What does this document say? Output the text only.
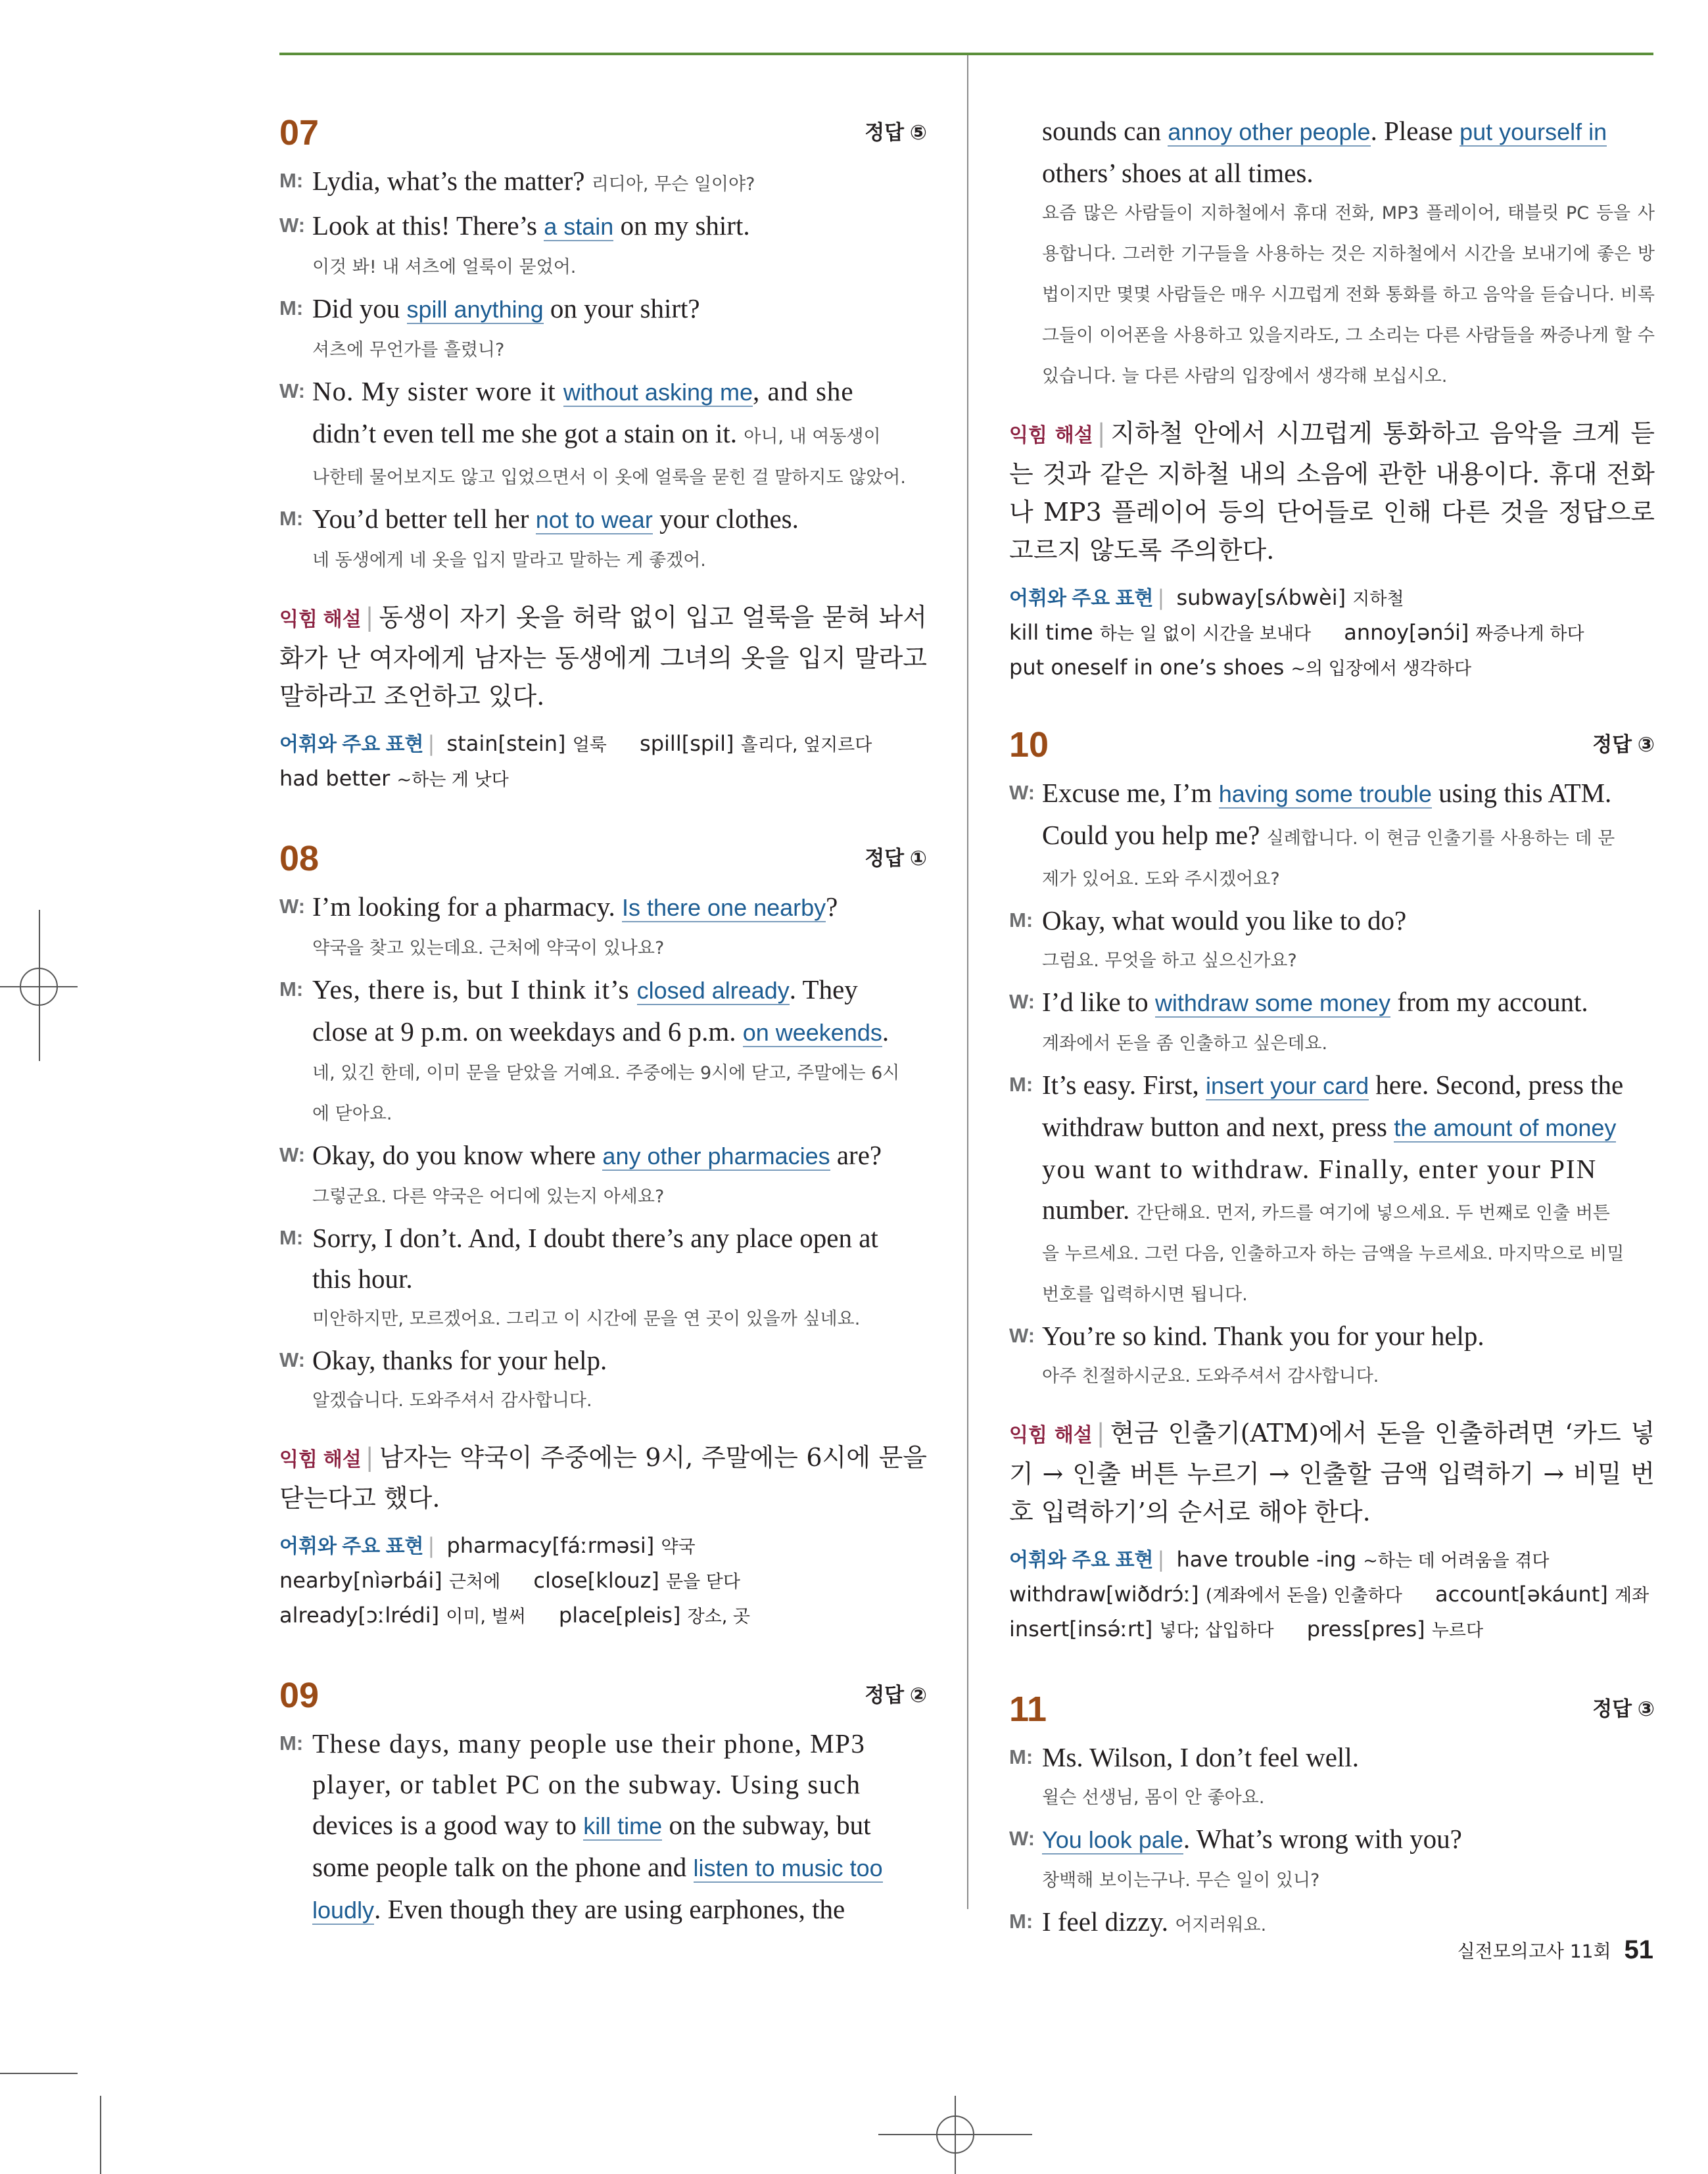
07	정답 ⑤
M: Lydia, what’s the matter? 리디아, 무슨 일이야?
W: Look at this! There’s a stain on my shirt.
이것 봐! 내 셔츠에 얼룩이 묻었어.
M: Did you spill anything on your shirt?
셔츠에 무언가를 흘렸니?
W: No. My sister wore it without asking me, and she
didn’t even tell me she got a stain on it. 아니, 내 여동생이
나한테 물어보지도 않고 입었으면서 이 옷에 얼룩을 묻힌 걸 말하지도 않았어.
M: You’d better tell her not to wear your clothes.
네 동생에게 네 옷을 입지 말라고 말하는 게 좋겠어.
익힘 해설 | 동생이 자기 옷을 허락 없이 입고 얼룩을 묻혀 놔서 화가 난 여자에게 남자는 동생에게 그녀의 옷을 입지 말라고 말하라고 조언하고 있다.
어휘와 주요 표현 | stain[stein] 얼룩 spill[spil] 흘리다, 엎지르다
had better ~하는 게 낫다
08	정답 ①
W: I’m looking for a pharmacy. Is there one nearby?
약국을 찾고 있는데요. 근처에 약국이 있나요?
M: Yes, there is, but I think it’s closed already. They
close at 9 p.m. on weekdays and 6 p.m. on weekends.
네, 있긴 한데, 이미 문을 닫았을 거예요. 주중에는 9시에 닫고, 주말에는 6시
에 닫아요.
W: Okay, do you know where any other pharmacies are?
그렇군요. 다른 약국은 어디에 있는지 아세요?
M: Sorry, I don’t. And, I doubt there’s any place open at
this hour.
미안하지만, 모르겠어요. 그리고 이 시간에 문을 연 곳이 있을까 싶네요.
W: Okay, thanks for your help.
알겠습니다. 도와주셔서 감사합니다.
익힘 해설 | 남자는 약국이 주중에는 9시, 주말에는 6시에 문을 닫는다고 했다.
어휘와 주요 표현 | pharmacy[fáːrməsi] 약국
nearby[nìərbái] 근처에 close[klouz] 문을 닫다
already[ɔːlrédi] 이미, 벌써 place[pleis] 장소, 곳
09	정답 ②
M: These days, many people use their phone, MP3
player, or tablet PC on the subway. Using such
devices is a good way to kill time on the subway, but
some people talk on the phone and listen to music too
loudly. Even though they are using earphones, the
sounds can annoy other people. Please put yourself in
others’ shoes at all times.
요즘 많은 사람들이 지하철에서 휴대 전화, MP3 플레이어, 태블릿 PC 등을 사용합니다. 그러한 기구들을 사용하는 것은 지하철에서 시간을 보내기에 좋은 방법이지만 몇몇 사람들은 매우 시끄럽게 전화 통화를 하고 음악을 듣습니다. 비록 그들이 이어폰을 사용하고 있을지라도, 그 소리는 다른 사람들을 짜증나게 할 수 있습니다. 늘 다른 사람의 입장에서 생각해 보십시오.
익힘 해설 | 지하철 안에서 시끄럽게 통화하고 음악을 크게 듣는 것과 같은 지하철 내의 소음에 관한 내용이다. 휴대 전화나 MP3 플레이어 등의 단어들로 인해 다른 것을 정답으로 고르지 않도록 주의한다.
어휘와 주요 표현 | subway[sʌ́bwèi] 지하철
kill time 하는 일 없이 시간을 보내다 annoy[ənɔ́i] 짜증나게 하다
put oneself in one’s shoes ~의 입장에서 생각하다
10	정답 ③
W: Excuse me, I’m having some trouble using this ATM.
Could you help me? 실례합니다. 이 현금 인출기를 사용하는 데 문
제가 있어요. 도와 주시겠어요?
M: Okay, what would you like to do?
그럼요. 무엇을 하고 싶으신가요?
W: I’d like to withdraw some money from my account.
계좌에서 돈을 좀 인출하고 싶은데요.
M: It’s easy. First, insert your card here. Second, press the
withdraw button and next, press the amount of money
you want to withdraw. Finally, enter your PIN
number. 간단해요. 먼저, 카드를 여기에 넣으세요. 두 번째로 인출 버튼
을 누르세요. 그런 다음, 인출하고자 하는 금액을 누르세요. 마지막으로 비밀
번호를 입력하시면 됩니다.
W: You’re so kind. Thank you for your help.
아주 친절하시군요. 도와주셔서 감사합니다.
익힘 해설 | 현금 인출기(ATM)에서 돈을 인출하려면 ‘카드 넣기 → 인출 버튼 누르기 → 인출할 금액 입력하기 → 비밀 번호 입력하기’의 순서로 해야 한다.
어휘와 주요 표현 | have trouble -ing ~하는 데 어려움을 겪다
withdraw[wiðdrɔ́ː] (계좌에서 돈을) 인출하다 account[əkáunt] 계좌
insert[insə́ːrt] 넣다; 삽입하다 press[pres] 누르다
11	정답 ③
M: Ms. Wilson, I don’t feel well.
윌슨 선생님, 몸이 안 좋아요.
W: You look pale. What’s wrong with you?
창백해 보이는구나. 무슨 일이 있니?
M: I feel dizzy. 어지러워요.
실전모의고사 11회 51
